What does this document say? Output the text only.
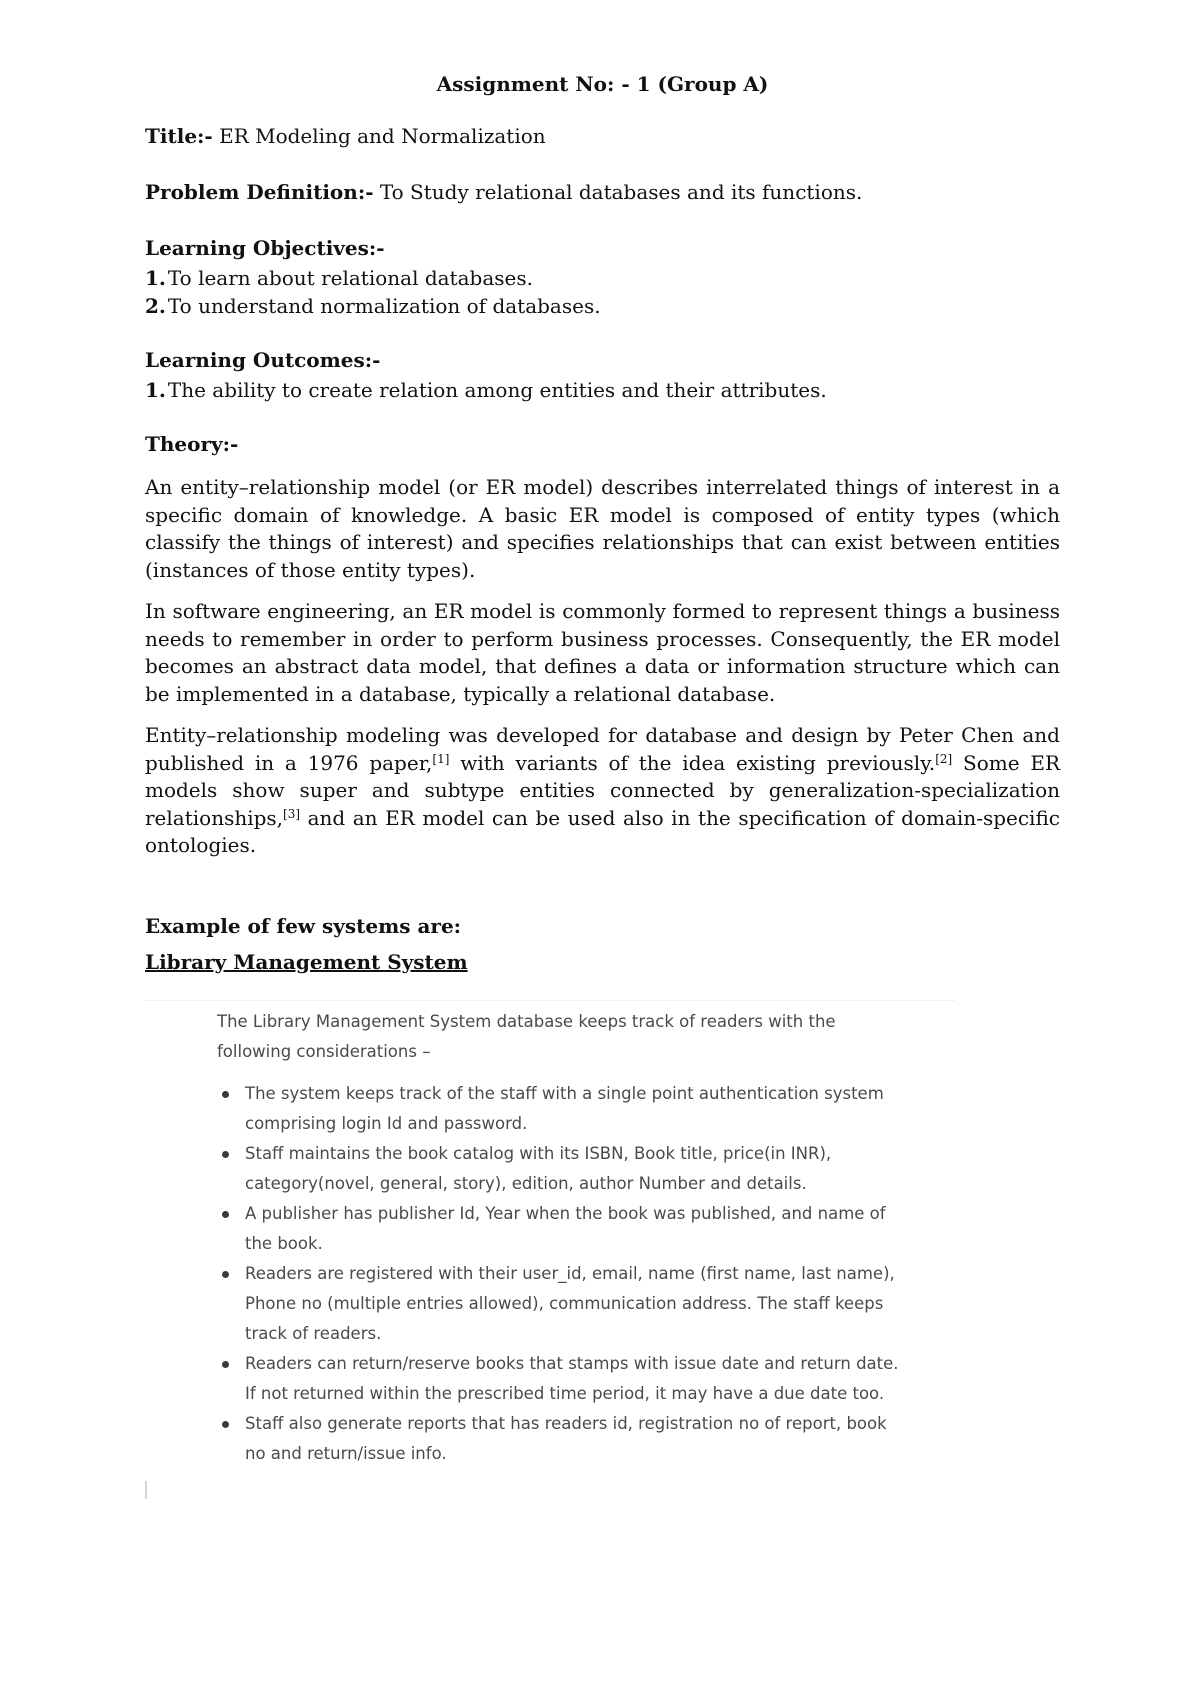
Assignment No: - 1 (Group A)
Title:- ER Modeling and Normalization
Problem Definition:- To Study relational databases and its functions.
Learning Objectives:-
1. To learn about relational databases.
2. To understand normalization of databases.
Learning Outcomes:-
1. The ability to create relation among entities and their attributes.
Theory:-

An entity–relationship model (or ER model) describes interrelated things of interest in a specific domain of knowledge. A basic ER model is composed of entity types (which classify the things of interest) and specifies relationships that can exist between entities (instances of those entity types).

In software engineering, an ER model is commonly formed to represent things a business needs to remember in order to perform business processes. Consequently, the ER model becomes an abstract data model, that defines a data or information structure which can be implemented in a database, typically a relational database.

Entity–relationship modeling was developed for database and design by Peter Chen and published in a 1976 paper,[1] with variants of the idea existing previously.[2] Some ER models show super and subtype entities connected by generalization-specialization relationships,[3] and an ER model can be used also in the specification of domain-specific ontologies.

Example of few systems are:
Library Management System

The Library Management System database keeps track of readers with the following considerations –

The system keeps track of the staff with a single point authentication system comprising login Id and password.
Staff maintains the book catalog with its ISBN, Book title, price(in INR), category(novel, general, story), edition, author Number and details.
A publisher has publisher Id, Year when the book was published, and name of the book.
Readers are registered with their user_id, email, name (first name, last name), Phone no (multiple entries allowed), communication address. The staff keeps track of readers.
Readers can return/reserve books that stamps with issue date and return date. If not returned within the prescribed time period, it may have a due date too.
Staff also generate reports that has readers id, registration no of report, book no and return/issue info.
